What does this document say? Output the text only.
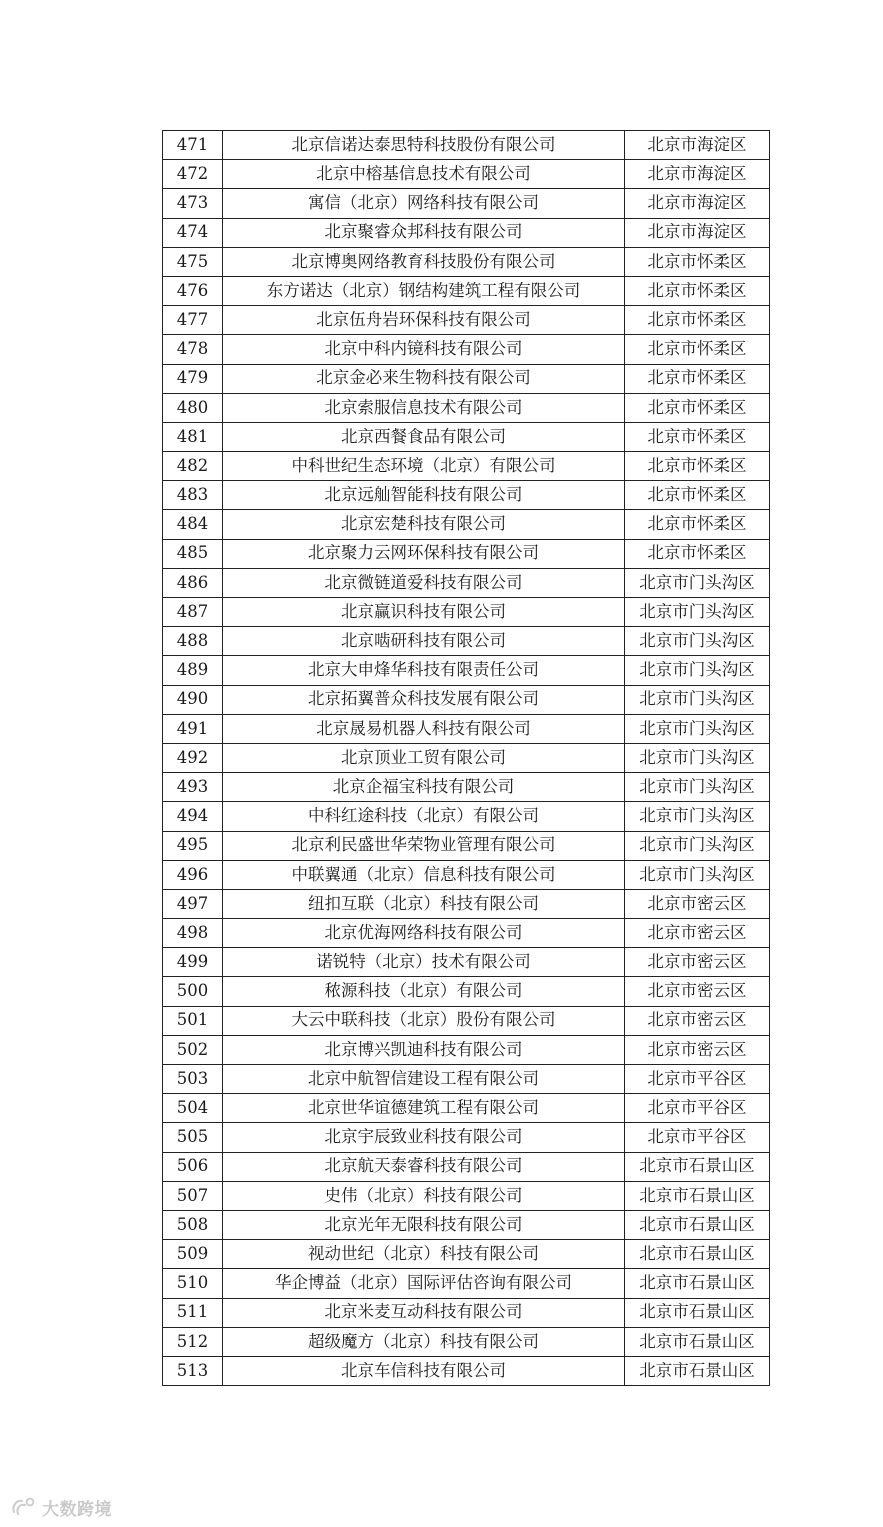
471	北京信诺达泰思特科技股份有限公司	北京市海淀区
472	北京中榕基信息技术有限公司	北京市海淀区
473	寓信（北京）网络科技有限公司	北京市海淀区
474	北京聚睿众邦科技有限公司	北京市海淀区
475	北京博奥网络教育科技股份有限公司	北京市怀柔区
476	东方诺达（北京）钢结构建筑工程有限公司	北京市怀柔区
477	北京伍舟岩环保科技有限公司	北京市怀柔区
478	北京中科内镜科技有限公司	北京市怀柔区
479	北京金必来生物科技有限公司	北京市怀柔区
480	北京索服信息技术有限公司	北京市怀柔区
481	北京西餐食品有限公司	北京市怀柔区
482	中科世纪生态环境（北京）有限公司	北京市怀柔区
483	北京远舢智能科技有限公司	北京市怀柔区
484	北京宏楚科技有限公司	北京市怀柔区
485	北京聚力云网环保科技有限公司	北京市怀柔区
486	北京微链道爱科技有限公司	北京市门头沟区
487	北京赢识科技有限公司	北京市门头沟区
488	北京啮研科技有限公司	北京市门头沟区
489	北京大申烽华科技有限责任公司	北京市门头沟区
490	北京拓翼普众科技发展有限公司	北京市门头沟区
491	北京晟易机器人科技有限公司	北京市门头沟区
492	北京顶业工贸有限公司	北京市门头沟区
493	北京企福宝科技有限公司	北京市门头沟区
494	中科红途科技（北京）有限公司	北京市门头沟区
495	北京利民盛世华荣物业管理有限公司	北京市门头沟区
496	中联翼通（北京）信息科技有限公司	北京市门头沟区
497	纽扣互联（北京）科技有限公司	北京市密云区
498	北京优海网络科技有限公司	北京市密云区
499	诺锐特（北京）技术有限公司	北京市密云区
500	秾源科技（北京）有限公司	北京市密云区
501	大云中联科技（北京）股份有限公司	北京市密云区
502	北京博兴凯迪科技有限公司	北京市密云区
503	北京中航智信建设工程有限公司	北京市平谷区
504	北京世华谊德建筑工程有限公司	北京市平谷区
505	北京宇辰致业科技有限公司	北京市平谷区
506	北京航天泰睿科技有限公司	北京市石景山区
507	史伟（北京）科技有限公司	北京市石景山区
508	北京光年无限科技有限公司	北京市石景山区
509	视动世纪（北京）科技有限公司	北京市石景山区
510	华企博益（北京）国际评估咨询有限公司	北京市石景山区
511	北京米麦互动科技有限公司	北京市石景山区
512	超级魔方（北京）科技有限公司	北京市石景山区
513	北京车信科技有限公司	北京市石景山区
大数跨境
